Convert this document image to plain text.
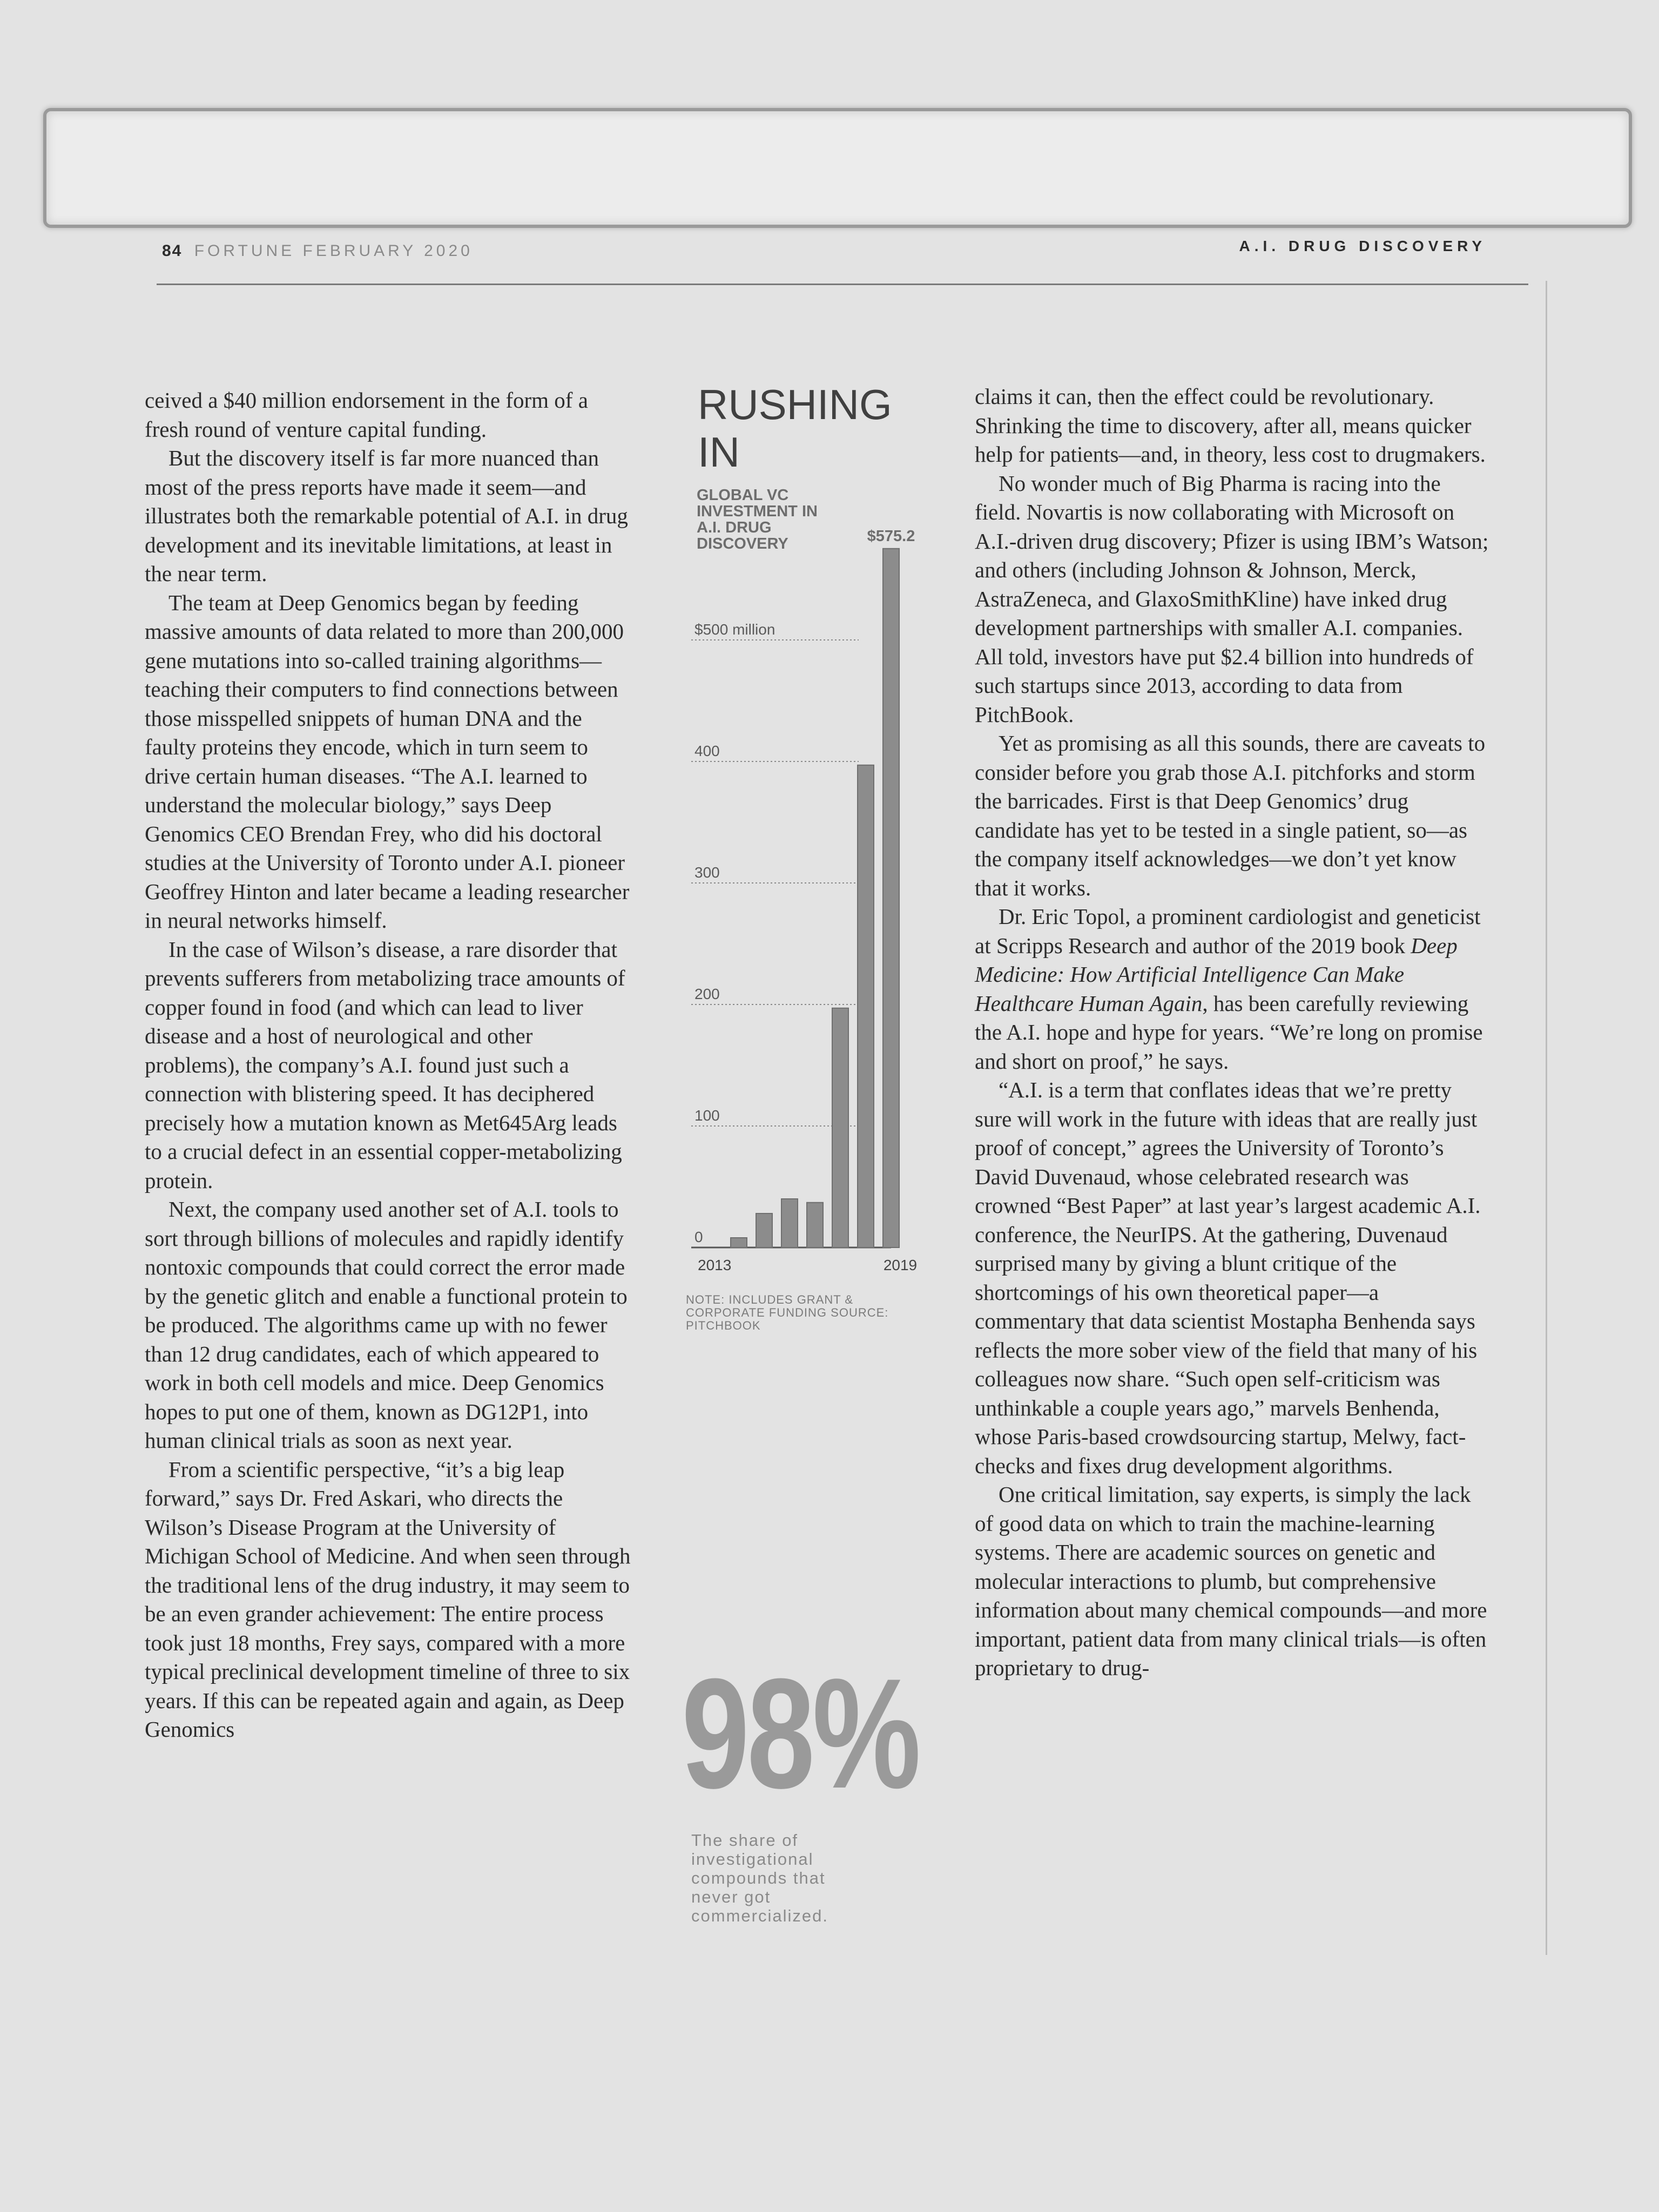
84 FORTUNE FEBRUARY 2020	A.I. DRUG DISCOVERY

ceived a $40 million endorsement in the form of a fresh round of venture capital funding.

But the discovery itself is far more nuanced than most of the press reports have made it seem—and illustrates both the remarkable potential of A.I. in drug development and its inevitable limitations, at least in the near term.

The team at Deep Genomics began by feeding massive amounts of data related to more than 200,000 gene mutations into so-called training algorithms—teaching their computers to find connections between those misspelled snippets of human DNA and the faulty proteins they encode, which in turn seem to drive certain human diseases. “The A.I. learned to understand the molecular biology,” says Deep Genomics CEO Brendan Frey, who did his doctoral studies at the University of Toronto under A.I. pioneer Geoffrey Hinton and later became a leading researcher in neural networks himself.

In the case of Wilson’s disease, a rare disorder that prevents sufferers from metabolizing trace amounts of copper found in food (and which can lead to liver disease and a host of neurological and other problems), the company’s A.I. found just such a connection with blistering speed. It has deciphered precisely how a mutation known as Met645Arg leads to a crucial defect in an essential copper-metabolizing protein.

Next, the company used another set of A.I. tools to sort through billions of molecules and rapidly identify nontoxic compounds that could correct the error made by the genetic glitch and enable a functional protein to be produced. The algorithms came up with no fewer than 12 drug candidates, each of which appeared to work in both cell models and mice. Deep Genomics hopes to put one of them, known as DG12P1, into human clinical trials as soon as next year.

From a scientific perspective, “it’s a big leap forward,” says Dr. Fred Askari, who directs the Wilson’s Disease Program at the University of Michigan School of Medicine. And when seen through the traditional lens of the drug industry, it may seem to be an even grander achievement: The entire process took just 18 months, Frey says, compared with a more typical preclinical development timeline of three to six years. If this can be repeated again and again, as Deep Genomics

RUSHING IN
GLOBAL VC INVESTMENT IN A.I. DRUG DISCOVERY
0
100
200
300
400
$500 million
$575.2
2013	2019
NOTE: INCLUDES GRANT & CORPORATE FUNDING SOURCE: PITCHBOOK
98%
The share of investigational compounds that never got commercialized.

claims it can, then the effect could be revolutionary. Shrinking the time to discovery, after all, means quicker help for patients—and, in theory, less cost to drugmakers.

No wonder much of Big Pharma is racing into the field. Novartis is now collaborating with Microsoft on A.I.-driven drug discovery; Pfizer is using IBM’s Watson; and others (including Johnson & Johnson, Merck, AstraZeneca, and GlaxoSmithKline) have inked drug development partnerships with smaller A.I. companies. All told, investors have put $2.4 billion into hundreds of such startups since 2013, according to data from PitchBook.

Yet as promising as all this sounds, there are caveats to consider before you grab those A.I. pitchforks and storm the barricades. First is that Deep Genomics’ drug candidate has yet to be tested in a single patient, so—as the company itself acknowledges—we don’t yet know that it works.

Dr. Eric Topol, a prominent cardiologist and geneticist at Scripps Research and author of the 2019 book Deep Medicine: How Artificial Intelligence Can Make Healthcare Human Again, has been carefully reviewing the A.I. hope and hype for years. “We’re long on promise and short on proof,” he says.

“A.I. is a term that conflates ideas that we’re pretty sure will work in the future with ideas that are really just proof of concept,” agrees the University of Toronto’s David Duvenaud, whose celebrated research was crowned “Best Paper” at last year’s largest academic A.I. conference, the NeurIPS. At the gathering, Duvenaud surprised many by giving a blunt critique of the shortcomings of his own theoretical paper—a commentary that data scientist Mostapha Benhenda says reflects the more sober view of the field that many of his colleagues now share. “Such open self-criticism was unthinkable a couple years ago,” marvels Benhenda, whose Paris-based crowdsourcing startup, Melwy, fact-checks and fixes drug development algorithms.

One critical limitation, say experts, is simply the lack of good data on which to train the machine-learning systems. There are academic sources on genetic and molecular interactions to plumb, but comprehensive information about many chemical compounds—and more important, patient data from many clinical trials—is often proprietary to drug-
